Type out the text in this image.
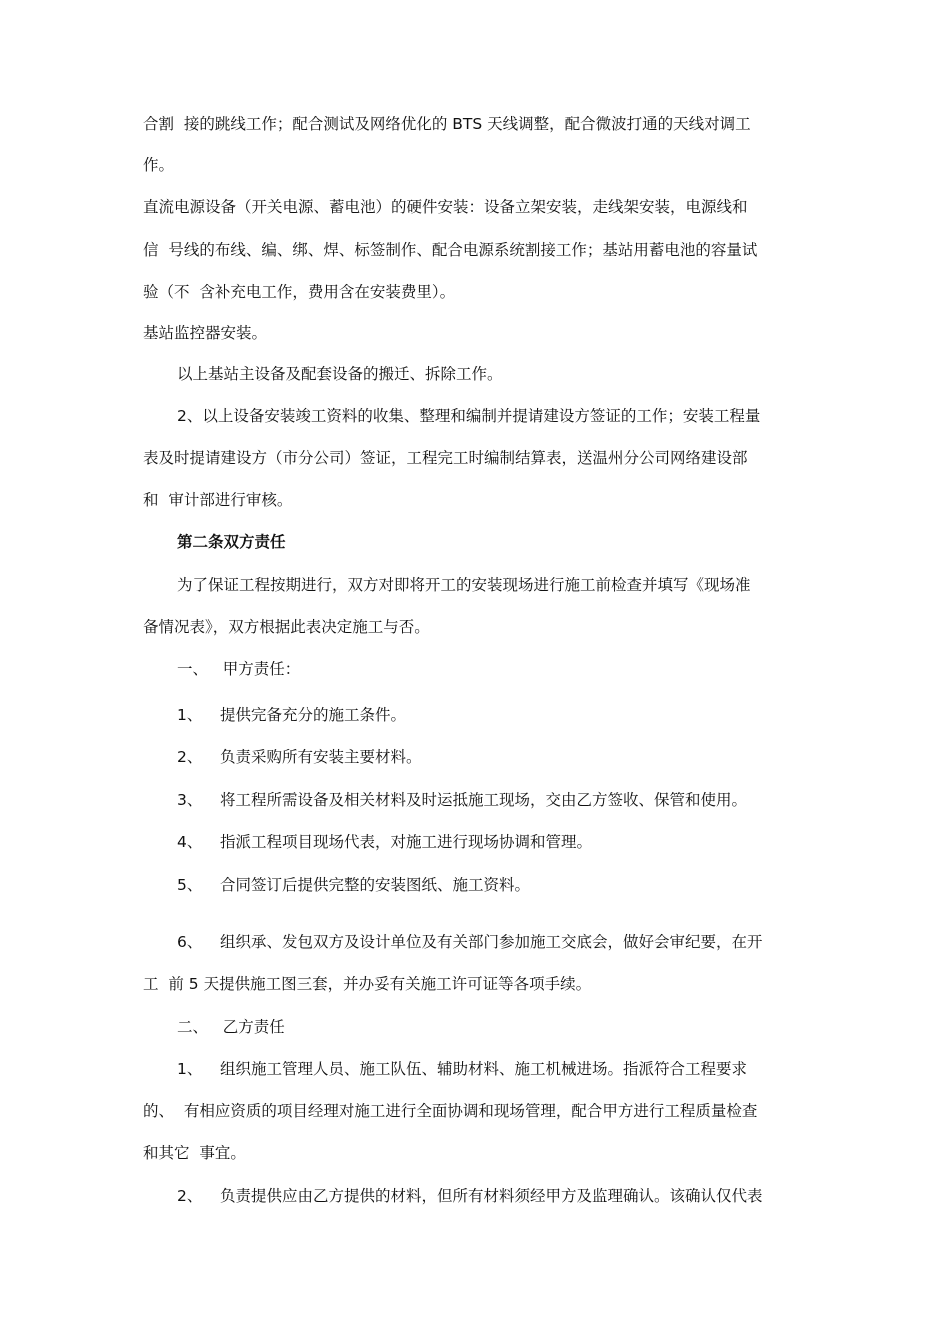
合割  接的跳线工作；配合测试及网络优化的 BTS 天线调整，配合微波打通的天线对调工

作。

直流电源设备（开关电源、蓄电池）的硬件安装：设备立架安装，走线架安装，电源线和

信  号线的布线、编、绑、焊、标签制作、配合电源系统割接工作；基站用蓄电池的容量试

验（不  含补充电工作，费用含在安装费里）。

基站监控器安装。

以上基站主设备及配套设备的搬迁、拆除工作。

2、以上设备安装竣工资料的收集、整理和编制并提请建设方签证的工作；安装工程量

表及时提请建设方（市分公司）签证，工程完工时编制结算表，送温州分公司网络建设部

和  审计部进行审核。

第二条双方责任

为了保证工程按期进行，双方对即将开工的安装现场进行施工前检查并填写《现场准

备情况表》，双方根据此表决定施工与否。

一、   甲方责任：

1、 提供完备充分的施工条件。

2、 负责采购所有安装主要材料。

3、 将工程所需设备及相关材料及时运抵施工现场，交由乙方签收、保管和使用。

4、 指派工程项目现场代表，对施工进行现场协调和管理。

5、 合同签订后提供完整的安装图纸、施工资料。

6、 组织承、发包双方及设计单位及有关部门参加施工交底会，做好会审纪要，在开

工  前 5 天提供施工图三套，并办妥有关施工许可证等各项手续。

二、   乙方责任

1、 组织施工管理人员、施工队伍、辅助材料、施工机械进场。指派符合工程要求

的、  有相应资质的项目经理对施工进行全面协调和现场管理，配合甲方进行工程质量检查

和其它  事宜。

2、 负责提供应由乙方提供的材料，但所有材料须经甲方及监理确认。该确认仅代表
